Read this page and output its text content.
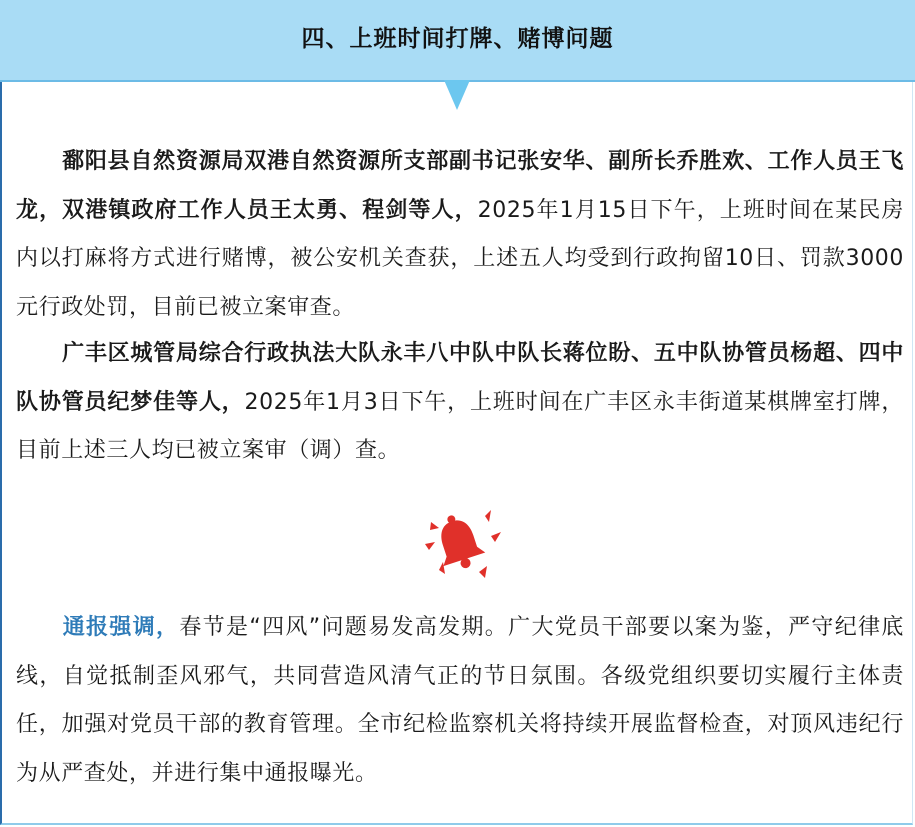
四、上班时间打牌、赌博问题

鄱阳县自然资源局双港自然资源所支部副书记张安华、副所长乔胜欢、工作人员王飞龙，双港镇政府工作人员王太勇、程剑等人，2025年1月15日下午，上班时间在某民房内以打麻将方式进行赌博，被公安机关查获，上述五人均受到行政拘留10日、罚款3000元行政处罚，目前已被立案审查。

广丰区城管局综合行政执法大队永丰八中队中队长蒋位盼、五中队协管员杨超、四中队协管员纪梦佳等人，2025年1月3日下午，上班时间在广丰区永丰街道某棋牌室打牌，目前上述三人均已被立案审（调）查。

通报强调，春节是“四风”问题易发高发期。广大党员干部要以案为鉴，严守纪律底线，自觉抵制歪风邪气，共同营造风清气正的节日氛围。各级党组织要切实履行主体责任，加强对党员干部的教育管理。全市纪检监察机关将持续开展监督检查，对顶风违纪行为从严查处，并进行集中通报曝光。
